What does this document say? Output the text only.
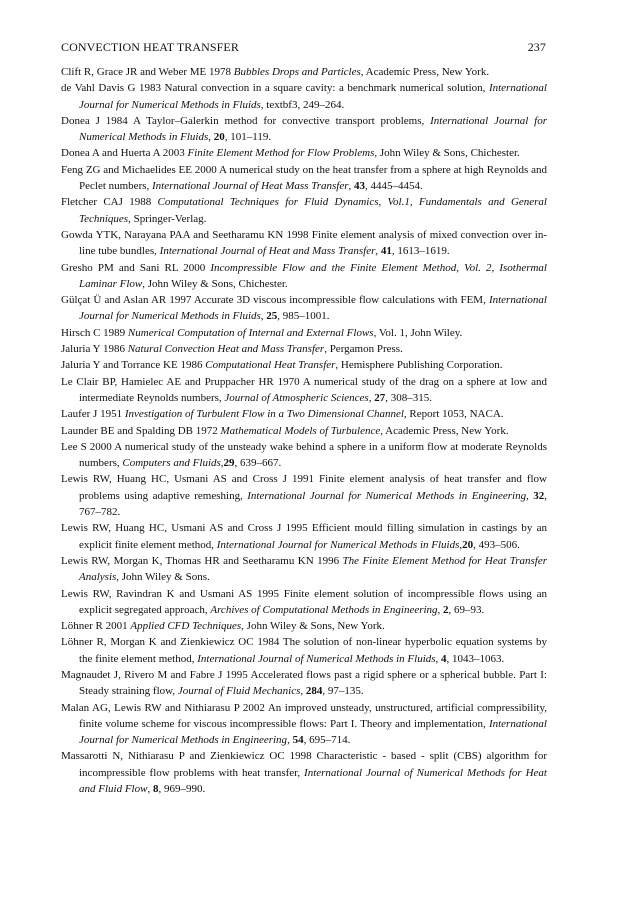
CONVECTION HEAT TRANSFER	237
Clift R, Grace JR and Weber ME 1978 Bubbles Drops and Particles, Academic Press, New York.
de Vahl Davis G 1983 Natural convection in a square cavity: a benchmark numerical solution, International Journal for Numerical Methods in Fluids, textbf3, 249–264.
Donea J 1984 A Taylor–Galerkin method for convective transport problems, International Journal for Numerical Methods in Fluids, 20, 101–119.
Donea A and Huerta A 2003 Finite Element Method for Flow Problems, John Wiley & Sons, Chichester.
Feng ZG and Michaelides EE 2000 A numerical study on the heat transfer from a sphere at high Reynolds and Peclet numbers, International Journal of Heat Mass Transfer, 43, 4445–4454.
Fletcher CAJ 1988 Computational Techniques for Fluid Dynamics, Vol.1, Fundamentals and General Techniques, Springer-Verlag.
Gowda YTK, Narayana PAA and Seetharamu KN 1998 Finite element analysis of mixed convection over in-line tube bundles, International Journal of Heat and Mass Transfer, 41, 1613–1619.
Gresho PM and Sani RL 2000 Incompressible Flow and the Finite Element Method, Vol. 2, Isothermal Laminar Flow, John Wiley & Sons, Chichester.
Gülçat Ü and Aslan AR 1997 Accurate 3D viscous incompressible flow calculations with FEM, International Journal for Numerical Methods in Fluids, 25, 985–1001.
Hirsch C 1989 Numerical Computation of Internal and External Flows, Vol. 1, John Wiley.
Jaluria Y 1986 Natural Convection Heat and Mass Transfer, Pergamon Press.
Jaluria Y and Torrance KE 1986 Computational Heat Transfer, Hemisphere Publishing Corporation.
Le Clair BP, Hamielec AE and Pruppacher HR 1970 A numerical study of the drag on a sphere at low and intermediate Reynolds numbers, Journal of Atmospheric Sciences, 27, 308–315.
Laufer J 1951 Investigation of Turbulent Flow in a Two Dimensional Channel, Report 1053, NACA.
Launder BE and Spalding DB 1972 Mathematical Models of Turbulence, Academic Press, New York.
Lee S 2000 A numerical study of the unsteady wake behind a sphere in a uniform flow at moderate Reynolds numbers, Computers and Fluids,29, 639–667.
Lewis RW, Huang HC, Usmani AS and Cross J 1991 Finite element analysis of heat transfer and flow problems using adaptive remeshing, International Journal for Numerical Methods in Engineering, 32, 767–782.
Lewis RW, Huang HC, Usmani AS and Cross J 1995 Efficient mould filling simulation in castings by an explicit finite element method, International Journal for Numerical Methods in Fluids,20, 493–506.
Lewis RW, Morgan K, Thomas HR and Seetharamu KN 1996 The Finite Element Method for Heat Transfer Analysis, John Wiley & Sons.
Lewis RW, Ravindran K and Usmani AS 1995 Finite element solution of incompressible flows using an explicit segregated approach, Archives of Computational Methods in Engineering, 2, 69–93.
Löhner R 2001 Applied CFD Techniques, John Wiley & Sons, New York.
Löhner R, Morgan K and Zienkiewicz OC 1984 The solution of non-linear hyperbolic equation systems by the finite element method, International Journal of Numerical Methods in Fluids, 4, 1043–1063.
Magnaudet J, Rivero M and Fabre J 1995 Accelerated flows past a rigid sphere or a spherical bubble. Part I: Steady straining flow, Journal of Fluid Mechanics, 284, 97–135.
Malan AG, Lewis RW and Nithiarasu P 2002 An improved unsteady, unstructured, artificial compressibility, finite volume scheme for viscous incompressible flows: Part I. Theory and implementation, International Journal for Numerical Methods in Engineering, 54, 695–714.
Massarotti N, Nithiarasu P and Zienkiewicz OC 1998 Characteristic - based - split (CBS) algorithm for incompressible flow problems with heat transfer, International Journal of Numerical Methods for Heat and Fluid Flow, 8, 969–990.
